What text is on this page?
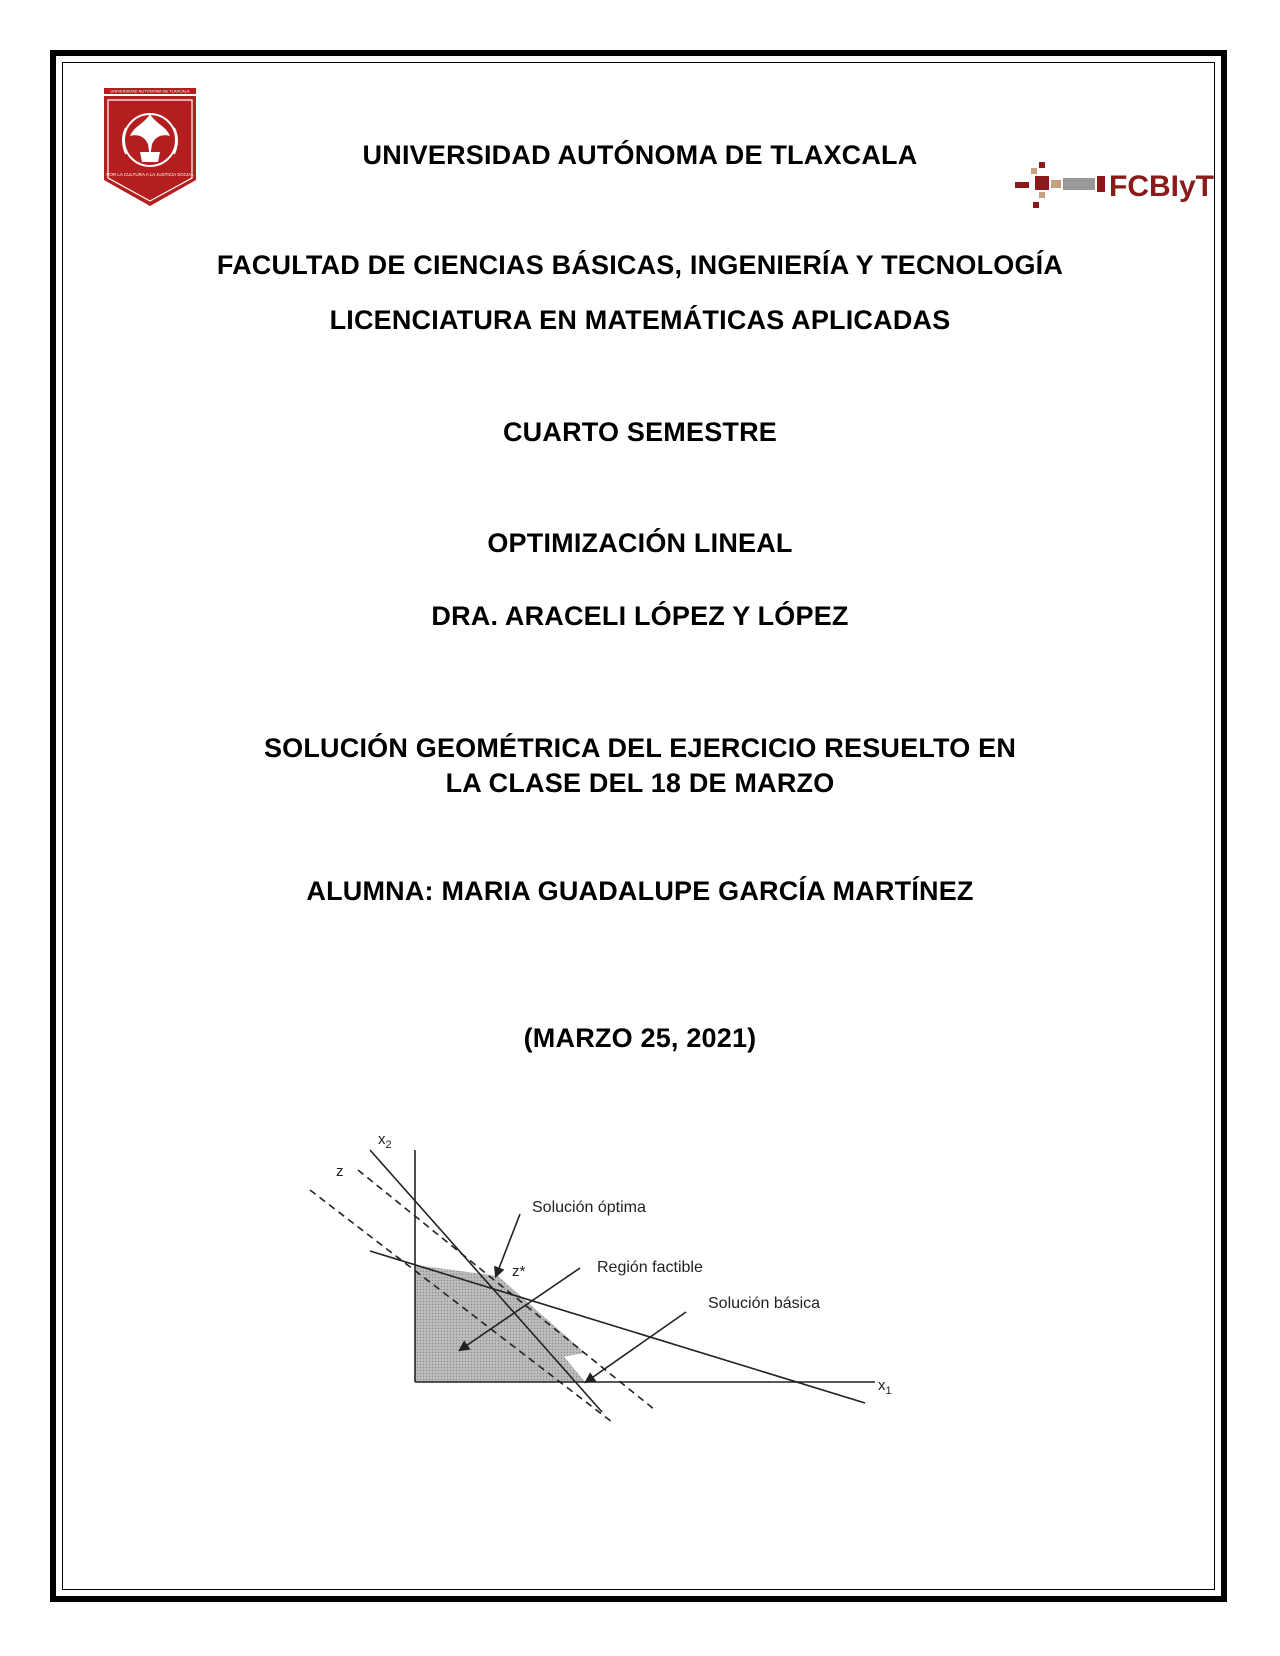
UNIVERSIDAD AUTÓNOMA DE TLAXCALA
POR LA CULTURA A LA JUSTICIA SOCIAL	FCBIyT
UNIVERSIDAD AUTÓNOMA DE TLAXCALA
FACULTAD DE CIENCIAS BÁSICAS, INGENIERÍA Y TECNOLOGÍA
LICENCIATURA EN MATEMÁTICAS APLICADAS
CUARTO SEMESTRE
OPTIMIZACIÓN LINEAL
DRA. ARACELI LÓPEZ Y LÓPEZ
SOLUCIÓN GEOMÉTRICA DEL EJERCICIO RESUELTO EN
LA CLASE DEL 18 DE MARZO
ALUMNA: MARIA GUADALUPE GARCÍA MARTÍNEZ
(MARZO 25, 2021)
$x_2$
$x_1$
z
z*
Solución óptima
Región factible
Solución básica
